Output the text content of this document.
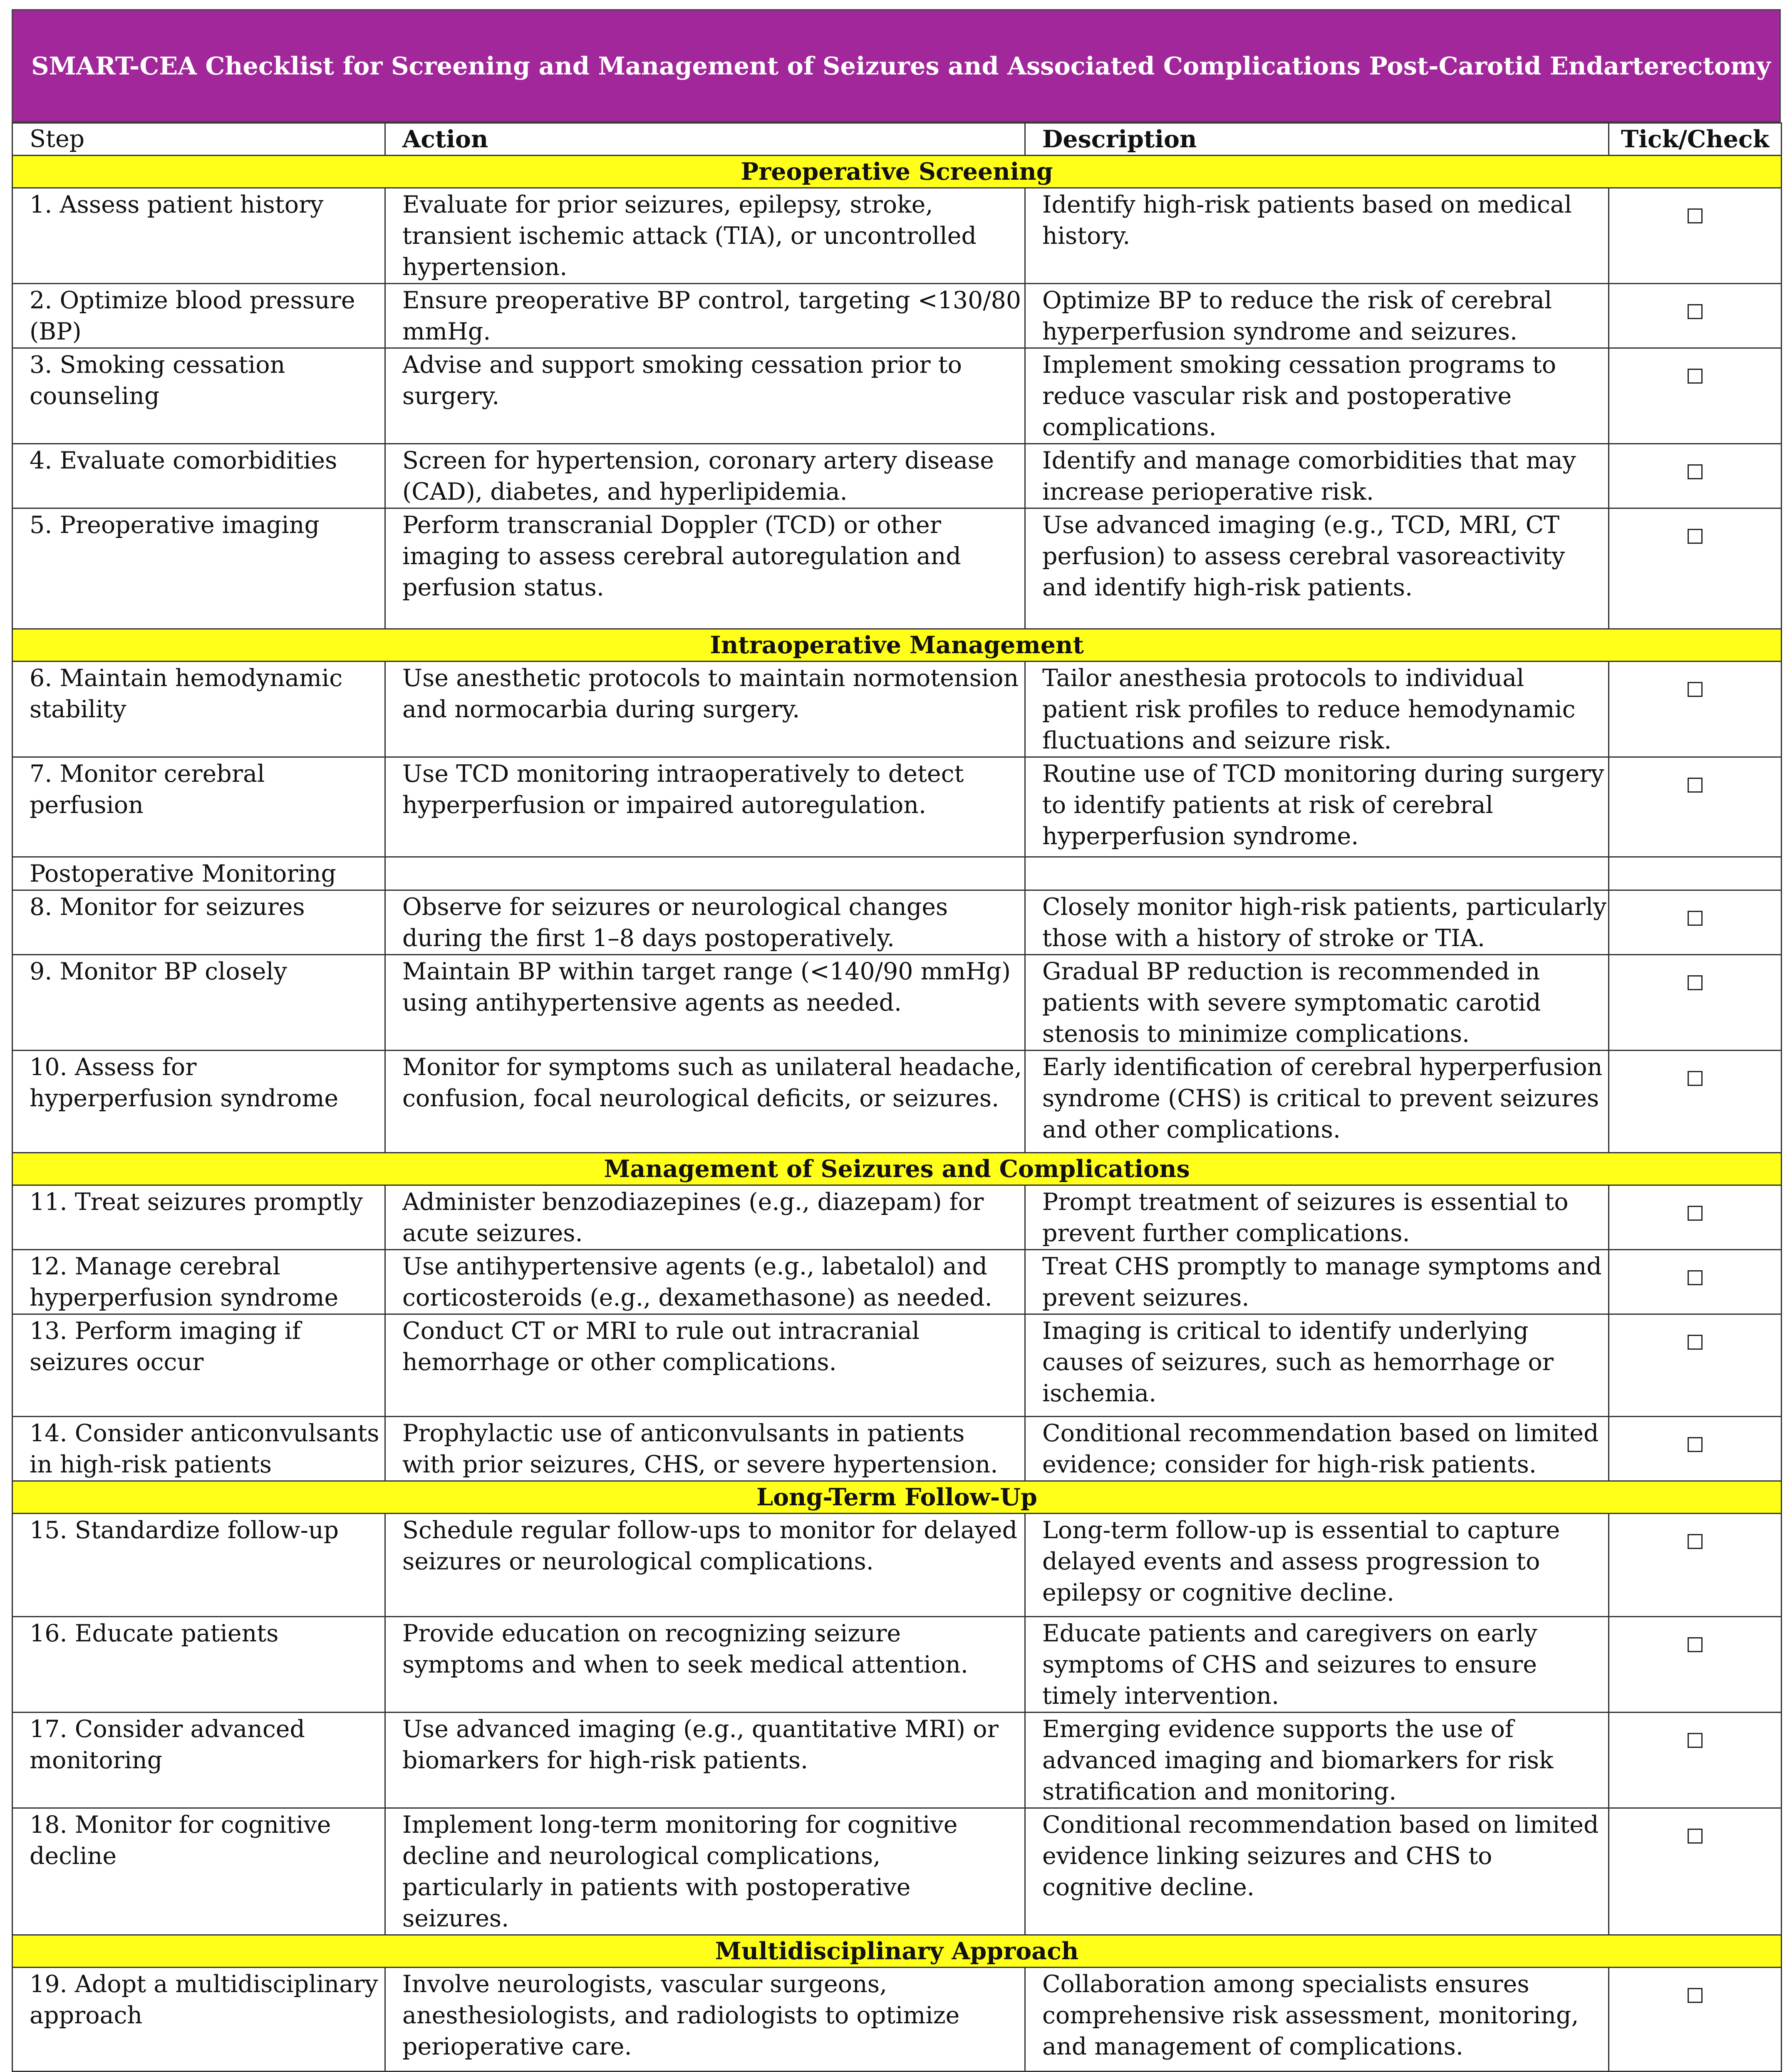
SMART-CEA Checklist for Screening and Management of Seizures and Associated Complications Post-Carotid Endarterectomy
Step	Action	Description	Tick/Check
Preoperative Screening			
1. Assess patient history	Evaluate for prior seizures, epilepsy, stroke, transient ischemic attack (TIA), or uncontrolled hypertension.	Identify high-risk patients based on medical history.	
2. Optimize blood pressure (BP)	Ensure preoperative BP control, targeting <130/80 mmHg.	Optimize BP to reduce the risk of cerebral hyperperfusion syndrome and seizures.	
3. Smoking cessation counseling	Advise and support smoking cessation prior to surgery.	Implement smoking cessation programs to reduce vascular risk and postoperative complications.	
4. Evaluate comorbidities	Screen for hypertension, coronary artery disease (CAD), diabetes, and hyperlipidemia.	Identify and manage comorbidities that may increase perioperative risk.	
5. Preoperative imaging	Perform transcranial Doppler (TCD) or other imaging to assess cerebral autoregulation and perfusion status.	Use advanced imaging (e.g., TCD, MRI, CT perfusion) to assess cerebral vasoreactivity and identify high-risk patients.	
Intraoperative Management			
6. Maintain hemodynamic stability	Use anesthetic protocols to maintain normotension and normocarbia during surgery.	Tailor anesthesia protocols to individual patient risk profiles to reduce hemodynamic fluctuations and seizure risk.	
7. Monitor cerebral perfusion	Use TCD monitoring intraoperatively to detect hyperperfusion or impaired autoregulation.	Routine use of TCD monitoring during surgery to identify patients at risk of cerebral hyperperfusion syndrome.	
Postoperative Monitoring			
8. Monitor for seizures	Observe for seizures or neurological changes during the first 1–8 days postoperatively.	Closely monitor high-risk patients, particularly those with a history of stroke or TIA.	
9. Monitor BP closely	Maintain BP within target range (<140/90 mmHg) using antihypertensive agents as needed.	Gradual BP reduction is recommended in patients with severe symptomatic carotid stenosis to minimize complications.	
10. Assess for hyperperfusion syndrome	Monitor for symptoms such as unilateral headache, confusion, focal neurological deficits, or seizures.	Early identification of cerebral hyperperfusion syndrome (CHS) is critical to prevent seizures and other complications.	
Management of Seizures and Complications			
11. Treat seizures promptly	Administer benzodiazepines (e.g., diazepam) for acute seizures.	Prompt treatment of seizures is essential to prevent further complications.	
12. Manage cerebral hyperperfusion syndrome	Use antihypertensive agents (e.g., labetalol) and corticosteroids (e.g., dexamethasone) as needed.	Treat CHS promptly to manage symptoms and prevent seizures.	
13. Perform imaging if seizures occur	Conduct CT or MRI to rule out intracranial hemorrhage or other complications.	Imaging is critical to identify underlying causes of seizures, such as hemorrhage or ischemia.	
14. Consider anticonvulsants in high-risk patients	Prophylactic use of anticonvulsants in patients with prior seizures, CHS, or severe hypertension.	Conditional recommendation based on limited evidence; consider for high-risk patients.	
Long-Term Follow-Up			
15. Standardize follow-up	Schedule regular follow-ups to monitor for delayed seizures or neurological complications.	Long-term follow-up is essential to capture delayed events and assess progression to epilepsy or cognitive decline.	
16. Educate patients	Provide education on recognizing seizure symptoms and when to seek medical attention.	Educate patients and caregivers on early symptoms of CHS and seizures to ensure timely intervention.	
17. Consider advanced monitoring	Use advanced imaging (e.g., quantitative MRI) or biomarkers for high-risk patients.	Emerging evidence supports the use of advanced imaging and biomarkers for risk stratification and monitoring.	
18. Monitor for cognitive decline	Implement long-term monitoring for cognitive decline and neurological complications, particularly in patients with postoperative seizures.	Conditional recommendation based on limited evidence linking seizures and CHS to cognitive decline.	
Multidisciplinary Approach			
19. Adopt a multidisciplinary approach	Involve neurologists, vascular surgeons, anesthesiologists, and radiologists to optimize perioperative care.	Collaboration among specialists ensures comprehensive risk assessment, monitoring, and management of complications.	
